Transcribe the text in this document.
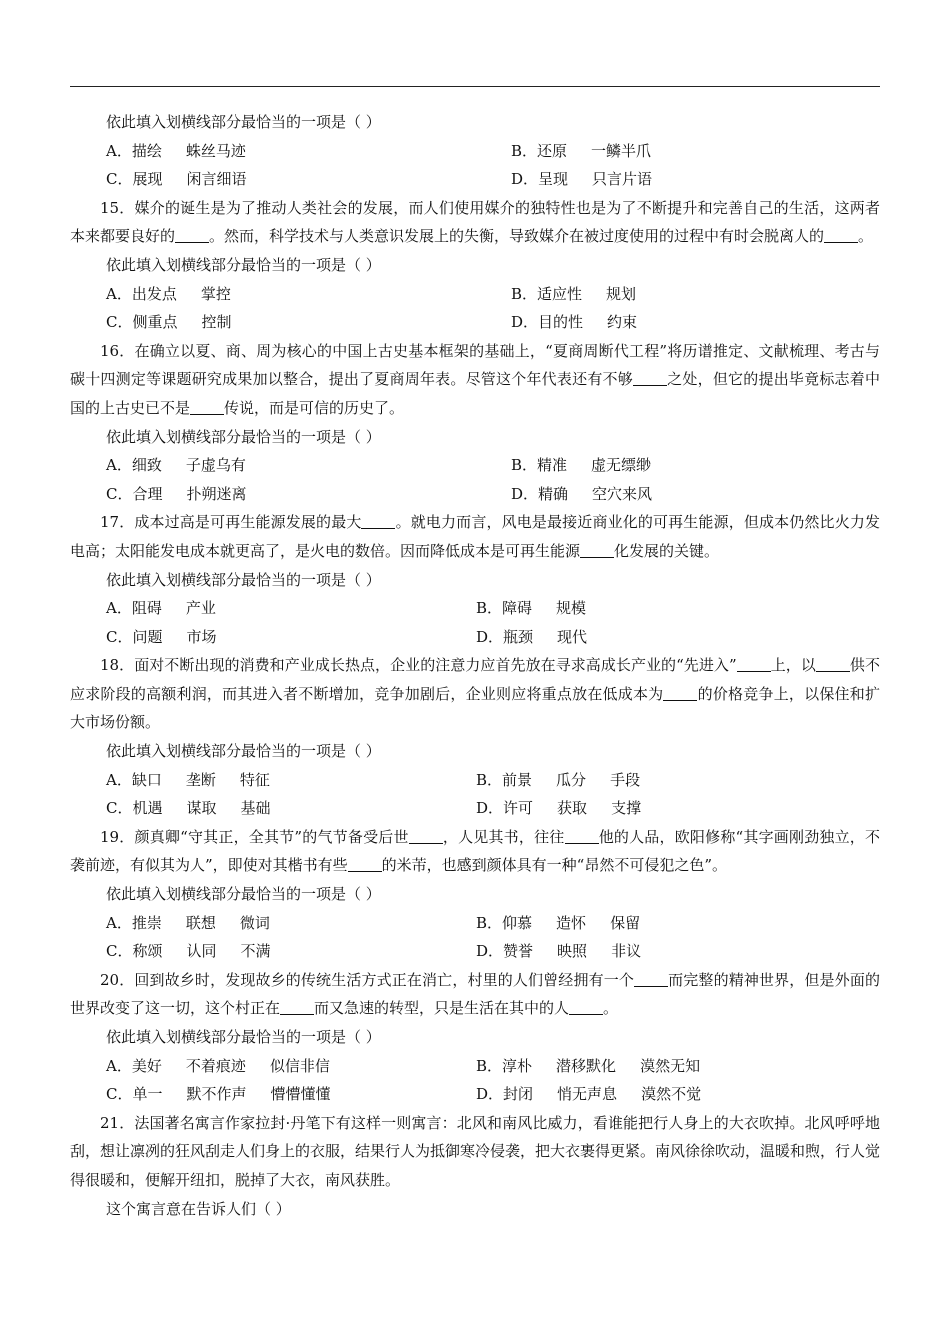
依此填入划横线部分最恰当的一项是（ ）

A．描绘 蛛丝马迹	B．还原 一鳞半爪
C．展现 闲言细语	D．呈现 只言片语

15．媒介的诞生是为了推动人类社会的发展，而人们使用媒介的独特性也是为了不断提升和完善自己的生活，这两者本来都要良好的 。然而，科学技术与人类意识发展上的失衡，导致媒介在被过度使用的过程中有时会脱离人的 。

依此填入划横线部分最恰当的一项是（ ）

A．出发点 掌控	B．适应性 规划
C．侧重点 控制	D．目的性 约束

16．在确立以夏、商、周为核心的中国上古史基本框架的基础上，“夏商周断代工程”将历谱推定、文献梳理、考古与碳十四测定等课题研究成果加以整合，提出了夏商周年表。尽管这个年代表还有不够 之处，但它的提出毕竟标志着中国的上古史已不是 传说，而是可信的历史了。

依此填入划横线部分最恰当的一项是（ ）

A．细致 子虚乌有	B．精准 虚无缥缈
C．合理 扑朔迷离	D．精确 空穴来风

17．成本过高是可再生能源发展的最大 。就电力而言，风电是最接近商业化的可再生能源，但成本仍然比火力发电高；太阳能发电成本就更高了，是火电的数倍。因而降低成本是可再生能源 化发展的关键。

依此填入划横线部分最恰当的一项是（ ）

A．阻碍 产业	B．障碍 规模
C．问题 市场	D．瓶颈 现代

18．面对不断出现的消费和产业成长热点，企业的注意力应首先放在寻求高成长产业的“先进入” 上，以 供不应求阶段的高额利润，而其进入者不断增加，竞争加剧后，企业则应将重点放在低成本为 的价格竞争上，以保住和扩大市场份额。

依此填入划横线部分最恰当的一项是（ ）

A．缺口 垄断 特征	B．前景 瓜分 手段
C．机遇 谋取 基础	D．许可 获取 支撑

19．颜真卿“守其正，全其节”的气节备受后世 ，人见其书，往往 他的人品，欧阳修称“其字画刚劲独立，不袭前迹，有似其为人”，即使对其楷书有些 的米芾，也感到颜体具有一种“昂然不可侵犯之色”。

依此填入划横线部分最恰当的一项是（ ）

A．推崇 联想 微词	B．仰慕 造怀 保留
C．称颂 认同 不满	D．赞誉 映照 非议

20．回到故乡时，发现故乡的传统生活方式正在消亡，村里的人们曾经拥有一个 而完整的精神世界，但是外面的世界改变了这一切，这个村正在 而又急速的转型，只是生活在其中的人 。

依此填入划横线部分最恰当的一项是（ ）

A．美好 不着痕迹 似信非信	B．淳朴 潜移默化 漠然无知
C．单一 默不作声 懵懵懂懂	D．封闭 悄无声息 漠然不觉

21．法国著名寓言作家拉封·丹笔下有这样一则寓言：北风和南风比威力，看谁能把行人身上的大衣吹掉。北风呼呼地刮，想让凛冽的狂风刮走人们身上的衣服，结果行人为抵御寒冷侵袭，把大衣裹得更紧。南风徐徐吹动，温暖和煦，行人觉得很暖和，便解开纽扣，脱掉了大衣，南风获胜。

这个寓言意在告诉人们（ ）
